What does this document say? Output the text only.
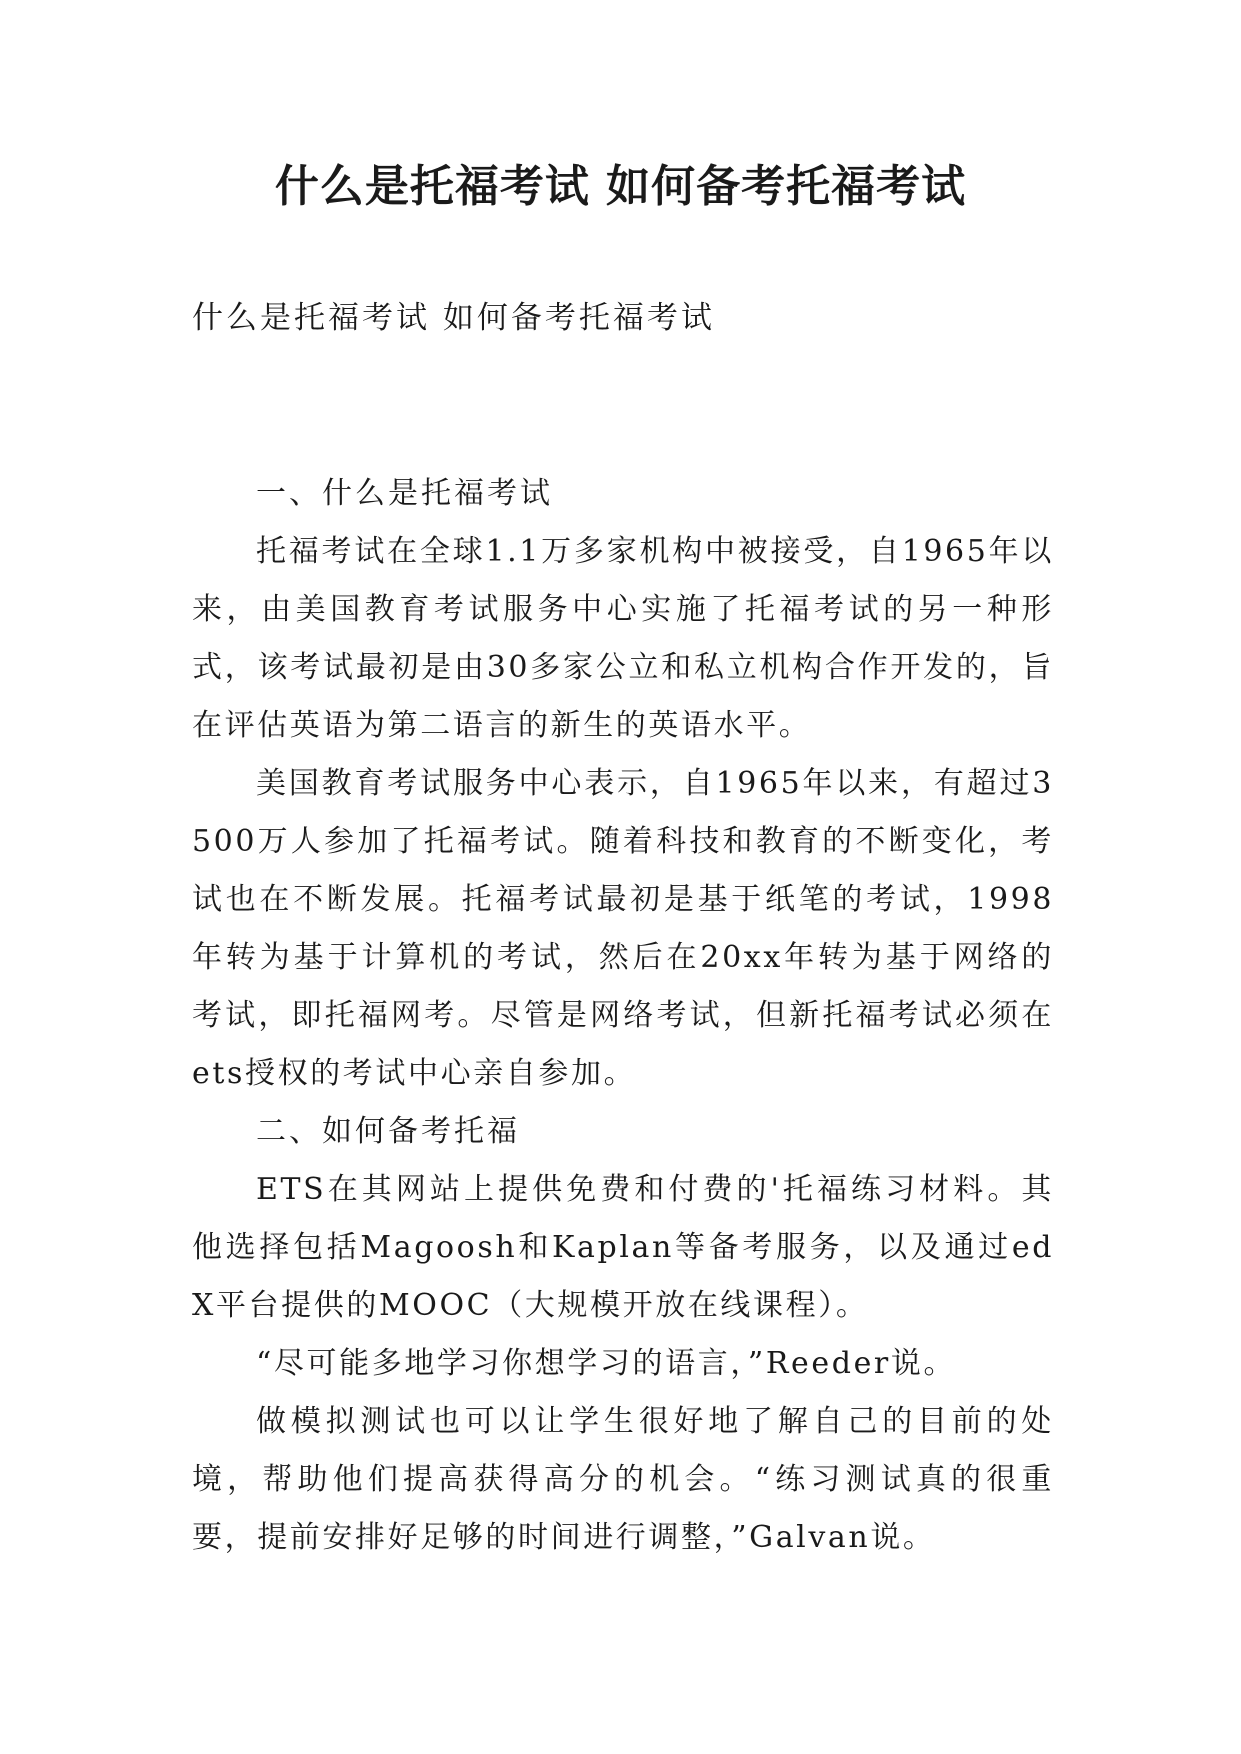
什么是托福考试 如何备考托福考试

什么是托福考试 如何备考托福考试

一、什么是托福考试

托福考试在全球1.1万多家机构中被接受，自1965年以来，由美国教育考试服务中心实施了托福考试的另一种形式，该考试最初是由30多家公立和私立机构合作开发的，旨在评估英语为第二语言的新生的英语水平。

美国教育考试服务中心表示，自1965年以来，有超过3500万人参加了托福考试。随着科技和教育的不断变化，考试也在不断发展。托福考试最初是基于纸笔的考试，1998年转为基于计算机的考试，然后在20xx年转为基于网络的考试，即托福网考。尽管是网络考试，但新托福考试必须在ets授权的考试中心亲自参加。

二、如何备考托福

ETS在其网站上提供免费和付费的'托福练习材料。其他选择包括Magoosh和Kaplan等备考服务，以及通过edX平台提供的MOOC（大规模开放在线课程）。

“尽可能多地学习你想学习的语言，”Reeder说。

做模拟测试也可以让学生很好地了解自己的目前的处境，帮助他们提高获得高分的机会。“练习测试真的很重要，提前安排好足够的时间进行调整，”Galvan说。
